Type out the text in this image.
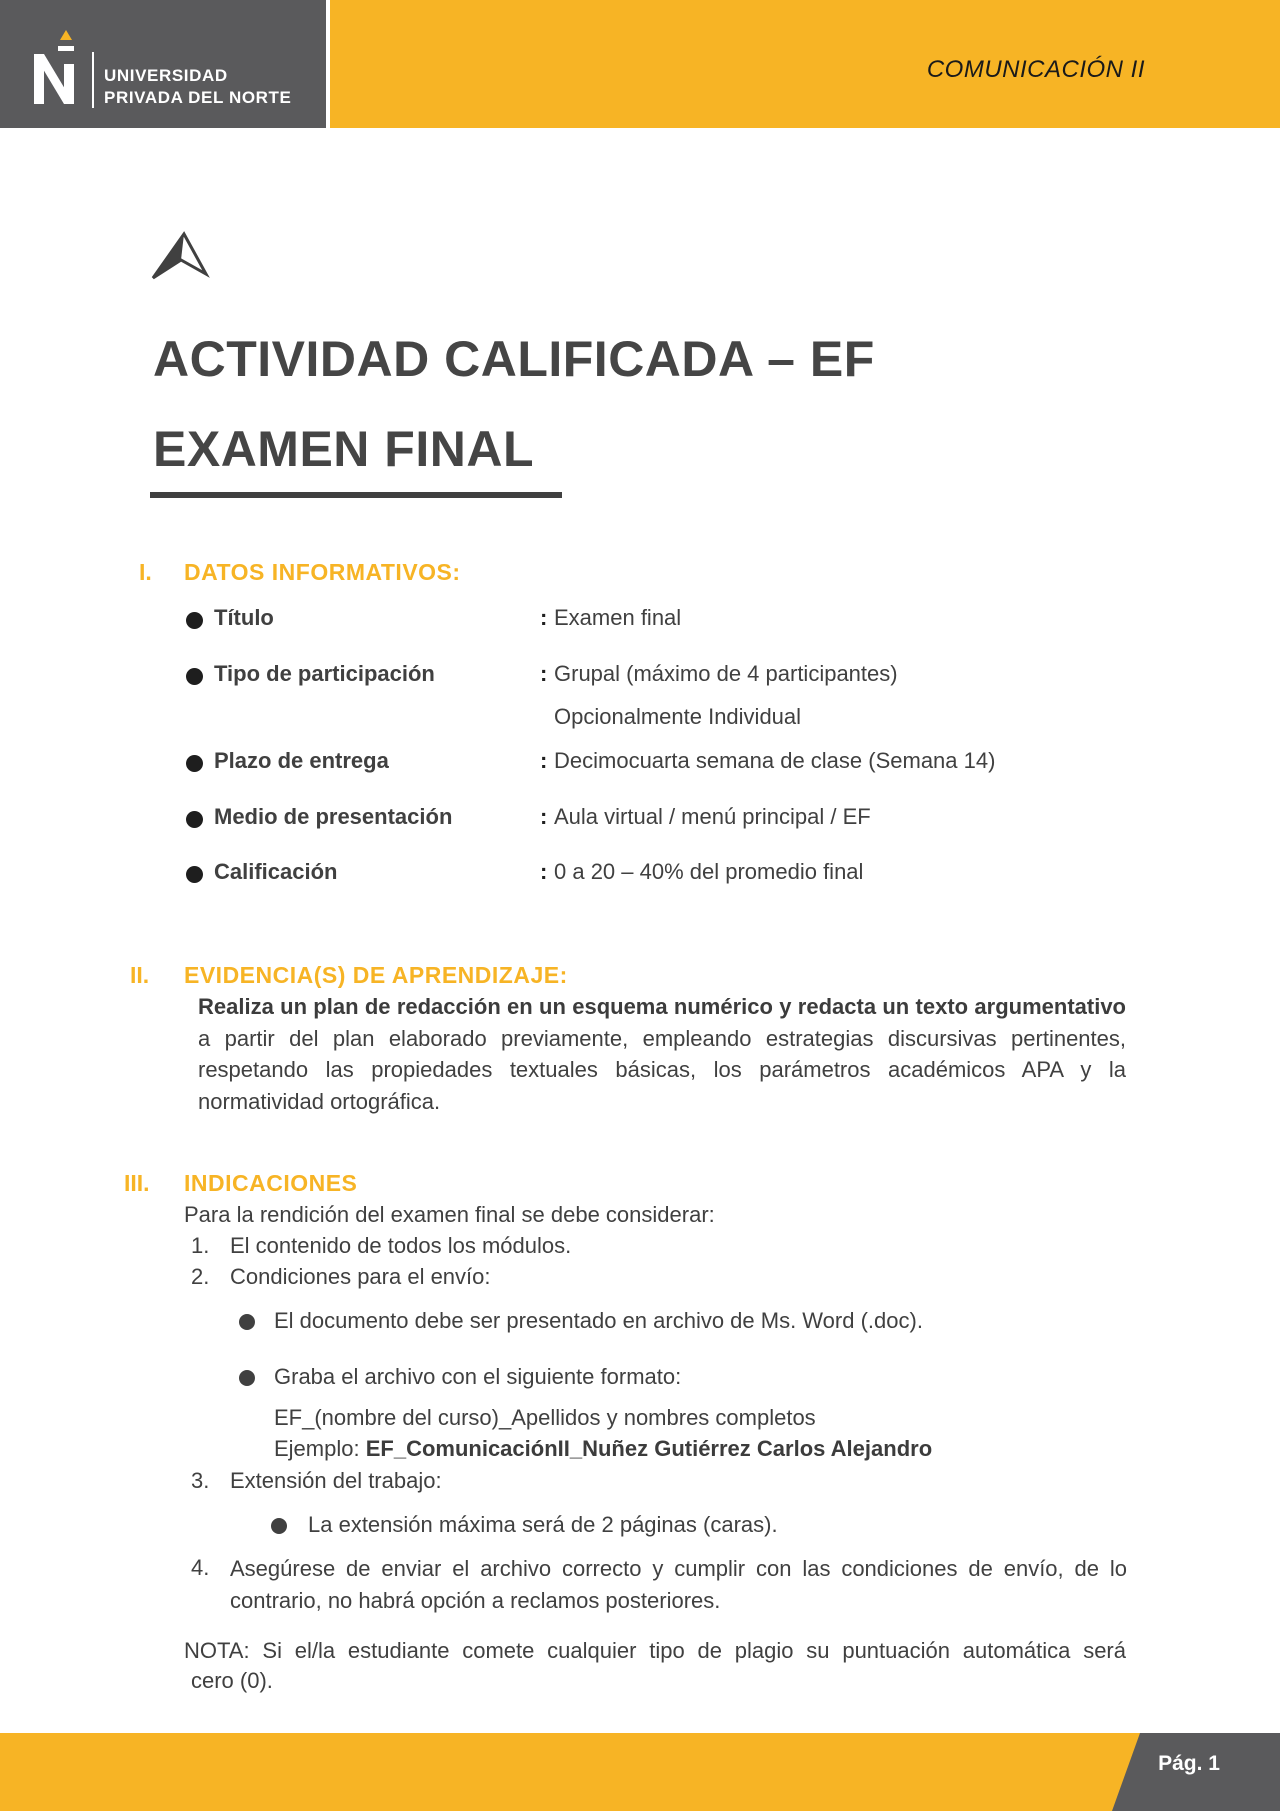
UNIVERSIDAD
PRIVADA DEL NORTE
COMUNICACIÓN II
ACTIVIDAD CALIFICADA – EF
EXAMEN FINAL
I. DATOS INFORMATIVOS:
Título	: Examen final
Tipo de participación	: Grupal (máximo de 4 participantes)
Opcionalmente Individual
Plazo de entrega	: Decimocuarta semana de clase (Semana 14)
Medio de presentación	: Aula virtual / menú principal / EF
Calificación	: 0 a 20 – 40% del promedio final
II. EVIDENCIA(S) DE APRENDIZAJE:
Realiza un plan de redacción en un esquema numérico y redacta un texto argumentativo a partir del plan elaborado previamente, empleando estrategias discursivas pertinentes, respetando las propiedades textuales básicas, los parámetros académicos APA y la normatividad ortográfica.
III. INDICACIONES
Para la rendición del examen final se debe considerar:
1. El contenido de todos los módulos.
2. Condiciones para el envío:
El documento debe ser presentado en archivo de Ms. Word (.doc).
Graba el archivo con el siguiente formato:
EF_(nombre del curso)_Apellidos y nombres completos
Ejemplo: EF_ComunicaciónII_Nuñez Gutiérrez Carlos Alejandro
3. Extensión del trabajo:
La extensión máxima será de 2 páginas (caras).
4. Asegúrese de enviar el archivo correcto y cumplir con las condiciones de envío, de lo contrario, no habrá opción a reclamos posteriores.
NOTA: Si el/la estudiante comete cualquier tipo de plagio su puntuación automática será
cero (0).
Pág. 1
